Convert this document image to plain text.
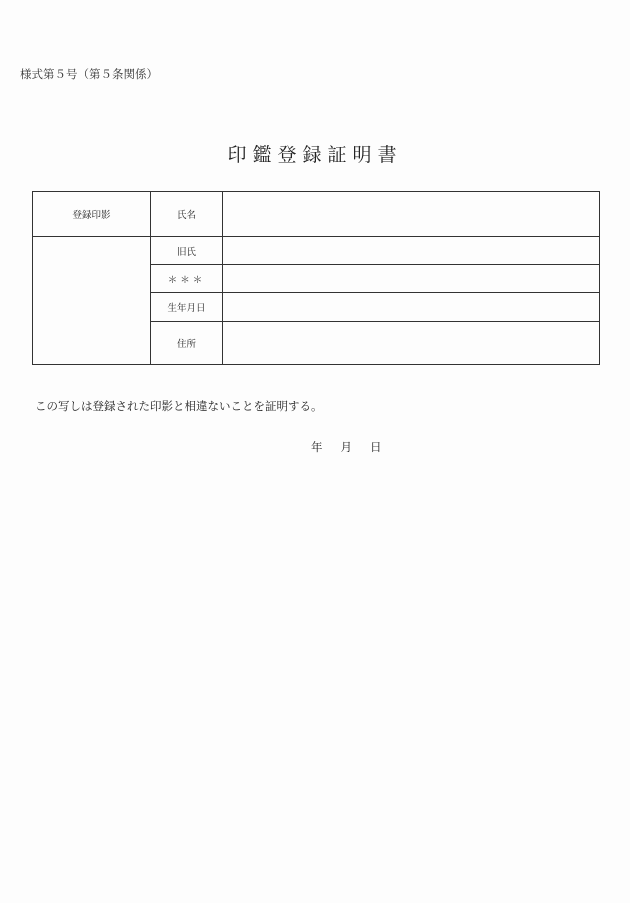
様式第５号（第５条関係）
印鑑登録証明書
登録印影	氏名	
	旧氏	
	＊＊＊	
	生年月日	
	住所	
この写しは登録された印影と相違ないことを証明する。
年 月 日
